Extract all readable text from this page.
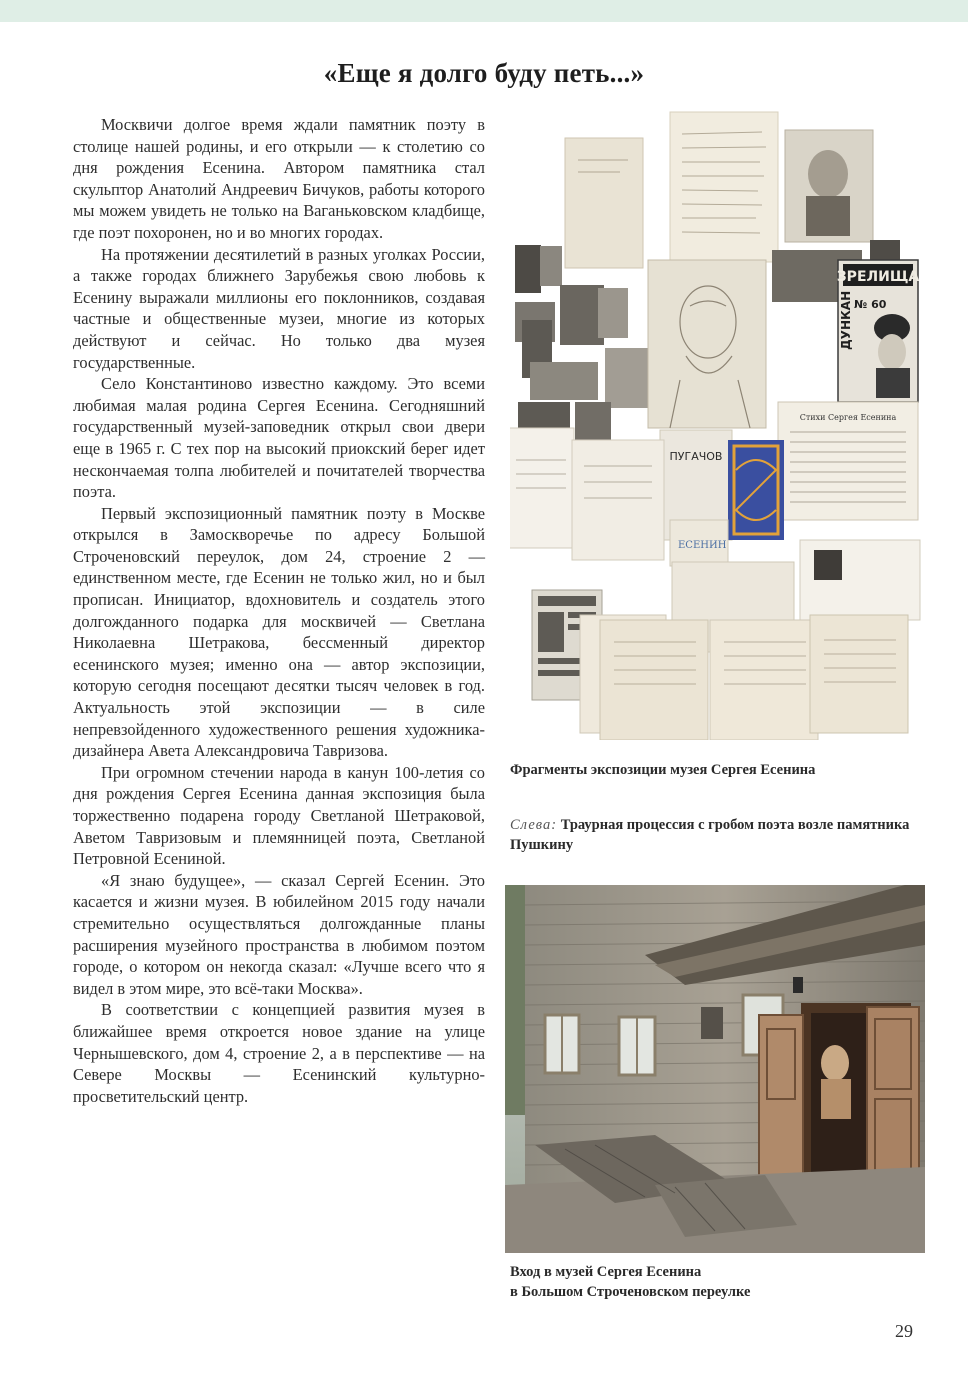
«Еще я долго буду петь...»

Москвичи долгое время ждали памятник поэту в столице нашей родины, и его открыли — к столетию со дня рождения Есенина. Автором памятника стал скульптор Анатолий Андреевич Бичуков, работы которого мы можем увидеть не только на Ваганьковском кладбище, где поэт похоронен, но и во многих городах.

На протяжении десятилетий в разных уголках России, а также городах ближнего Зарубежья свою любовь к Есенину выражали миллионы его поклонников, создавая частные и общественные музеи, многие из которых действуют и сейчас. Но только два музея государственные.

Село Константиново известно каждому. Это всеми любимая малая родина Сергея Есенина. Сегодняшний государственный музей-заповедник открыл свои двери еще в 1965 г. С тех пор на высокий приокский берег идет нескончаемая толпа любителей и почитателей творчества поэта.

Первый экспозиционный памятник поэту в Москве открылся в Замоскворечье по адресу Большой Строченовский переулок, дом 24, строение 2 — единственном месте, где Есенин не только жил, но и был прописан. Инициатор, вдохновитель и создатель этого долгожданного подарка для москвичей — Светлана Николаевна Шетракова, бессменный директор есенинского музея; именно она — автор экспозиции, которую сегодня посещают десятки тысяч человек в год. Актуальность этой экспозиции — в силе непревзойденного художественного решения художника-дизайнера Авета Александровича Тавризова.

При огромном стечении народа в канун 100-летия со дня рождения Сергея Есенина данная экспозиция была торжественно подарена городу Светланой Шетраковой, Аветом Тавризовым и племянницей поэта, Светланой Петровной Есениной.

«Я знаю будущее», — сказал Сергей Есенин. Это касается и жизни музея. В юбилейном 2015 году начали стремительно осуществляться долгожданные планы расширения музейного пространства в любимом поэтом городе, о котором он некогда сказал: «Лучше всего что я видел в этом мире, это всё-таки Москва».

В соответствии с концепцией развития музея в ближайшее время откроется новое здание на улице Чернышевского, дом 4, строение 2, а в перспективе — на Севере Москвы — Есенинский культурно-просветительский центр.

ЗРЕЛИЩА
ДУНКАН № 60
Стихи Сергея Есенина
ПУГАЧОВ
ЕСЕНИН
Фрагменты экспозиции музея Сергея Есенина
Слева: Траурная процессия с гробом поэта возле памятника Пушкину
Вход в музей Сергея Есенина
в Большом Строченовском переулке
29
